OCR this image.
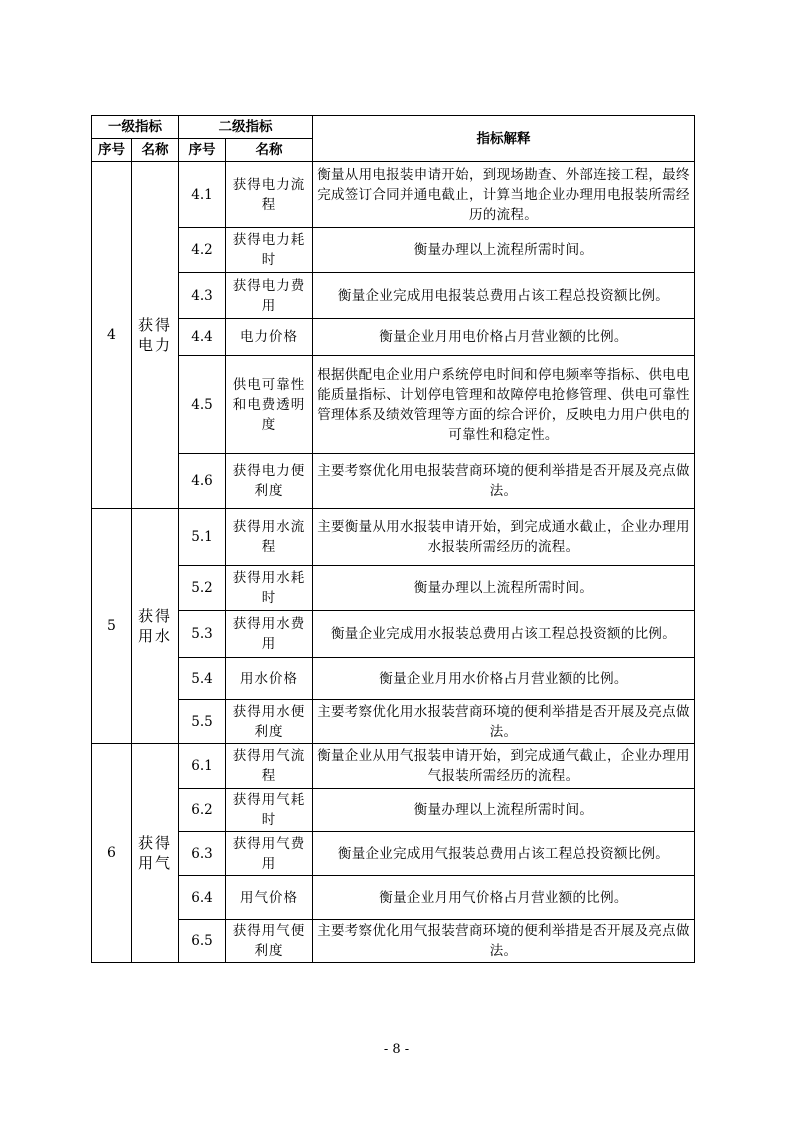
一级指标		二级指标		指标解释
序号	名称	序号	名称	
4	获得电力	4.1	获得电力流程	衡量从用电报装申请开始，到现场勘查、外部连接工程，最终完成签订合同并通电截止，计算当地企业办理用电报装所需经历的流程。
		4.2	获得电力耗时	衡量办理以上流程所需时间。
		4.3	获得电力费用	衡量企业完成用电报装总费用占该工程总投资额比例。
		4.4	电力价格	衡量企业月用电价格占月营业额的比例。
		4.5	供电可靠性和电费透明度	根据供配电企业用户系统停电时间和停电频率等指标、供电电能质量指标、计划停电管理和故障停电抢修管理、供电可靠性管理体系及绩效管理等方面的综合评价，反映电力用户供电的可靠性和稳定性。
		4.6	获得电力便利度	主要考察优化用电报装营商环境的便利举措是否开展及亮点做法。
5	获得用水	5.1	获得用水流程	主要衡量从用水报装申请开始，到完成通水截止，企业办理用水报装所需经历的流程。
		5.2	获得用水耗时	衡量办理以上流程所需时间。
		5.3	获得用水费用	衡量企业完成用水报装总费用占该工程总投资额的比例。
		5.4	用水价格	衡量企业月用水价格占月营业额的比例。
		5.5	获得用水便利度	主要考察优化用水报装营商环境的便利举措是否开展及亮点做法。
6	获得用气	6.1	获得用气流程	衡量企业从用气报装申请开始，到完成通气截止，企业办理用气报装所需经历的流程。
		6.2	获得用气耗时	衡量办理以上流程所需时间。
		6.3	获得用气费用	衡量企业完成用气报装总费用占该工程总投资额比例。
		6.4	用气价格	衡量企业月用气价格占月营业额的比例。
		6.5	获得用气便利度	主要考察优化用气报装营商环境的便利举措是否开展及亮点做法。
- 8 -
